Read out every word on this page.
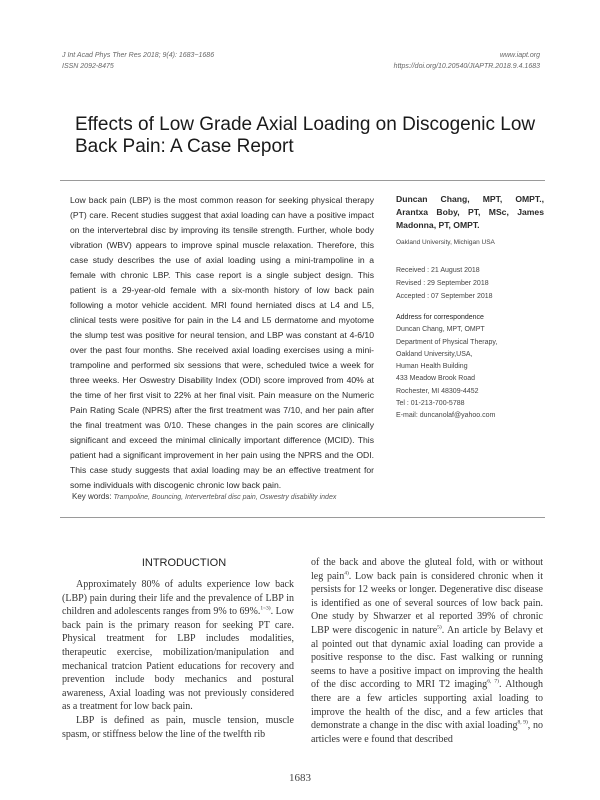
J Int Acad Phys Ther Res 2018; 9(4): 1683~1686
ISSN 2092-8475
www.iapt.org
https://doi.org/10.20540/JIAPTR.2018.9.4.1683
Effects of Low Grade Axial Loading on Discogenic Low Back Pain: A Case Report
Low back pain (LBP) is the most common reason for seeking physical therapy (PT) care. Recent studies suggest that axial loading can have a positive impact on the intervertebral disc by improving its tensile strength. Further, whole body vibration (WBV) appears to improve spinal muscle relaxation. Therefore, this case study describes the use of axial loading using a mini-trampoline in a female with chronic LBP. This case report is a single subject design. This patient is a 29-year-old female with a six-month history of low back pain following a motor vehicle accident. MRI found herniated discs at L4 and L5, clinical tests were positive for pain in the L4 and L5 dermatome and myotome the slump test was positive for neural tension, and LBP was constant at 4-6/10 over the past four months. She received axial loading exercises using a mini-trampoline and performed six sessions that were, scheduled twice a week for three weeks. Her Oswestry Disability Index (ODI) score improved from 40% at the time of her first visit to 22% at her final visit. Pain measure on the Numeric Pain Rating Scale (NPRS) after the first treatment was 7/10, and her pain after the final treatment was 0/10. These changes in the pain scores are clinically significant and exceed the minimal clinically important difference (MCID). This patient had a significant improvement in her pain using the NPRS and the ODI. This case study suggests that axial loading may be an effective treatment for some individuals with discogenic chronic low back pain.
Duncan Chang, MPT, OMPT., Arantxa Boby, PT, MSc, James Madonna, PT, OMPT.
Oakland University, Michigan USA
Received : 21 August 2018
Revised : 29 September 2018
Accepted : 07 September 2018
Address for correspondence
Duncan Chang, MPT, OMPT
Department of Physical Therapy,
Oakland University,USA,
Human Health Building
433 Meadow Brook Road
Rochester, MI 48309-4452
Tel : 01-213-700-5788
E-mail: duncanolaf@yahoo.com
Key words: Trampoline, Bouncing, Intervertebral disc pain, Oswestry disability index
INTRODUCTION

Approximately 80% of adults experience low back (LBP) pain during their life and the prevalence of LBP in children and adolescents ranges from 9% to 69%.$^{1\sim 3)}$. Low back pain is the primary reason for seeking PT care. Physical treatment for LBP includes modalities, therapeutic exercise, mobilization/manipulation and mechanical tratcion Patient educations for recovery and prevention include body mechanics and postural awareness, Axial loading was not previously considered as a treatment for low back pain.

LBP is defined as pain, muscle tension, muscle spasm, or stiffness below the line of the twelfth rib

of the back and above the gluteal fold, with or without leg pain$^{4)}$. Low back pain is considered chronic when it persists for 12 weeks or longer. Degenerative disc disease is identified as one of several sources of low back pain. One study by Shwarzer et al reported 39% of chronic LBP were discogenic in nature$^{5)}$. An article by Belavy et al pointed out that dynamic axial loading can provide a positive response to the disc. Fast walking or running seems to have a positive impact on improving the health of the disc according to MRI T2 imaging$^{6, 7)}$. Although there are a few articles supporting axial loading to improve the health of the disc, and a few articles that demonstrate a change in the disc with axial loading$^{8, 9)}$, no articles were e found that described

1683
